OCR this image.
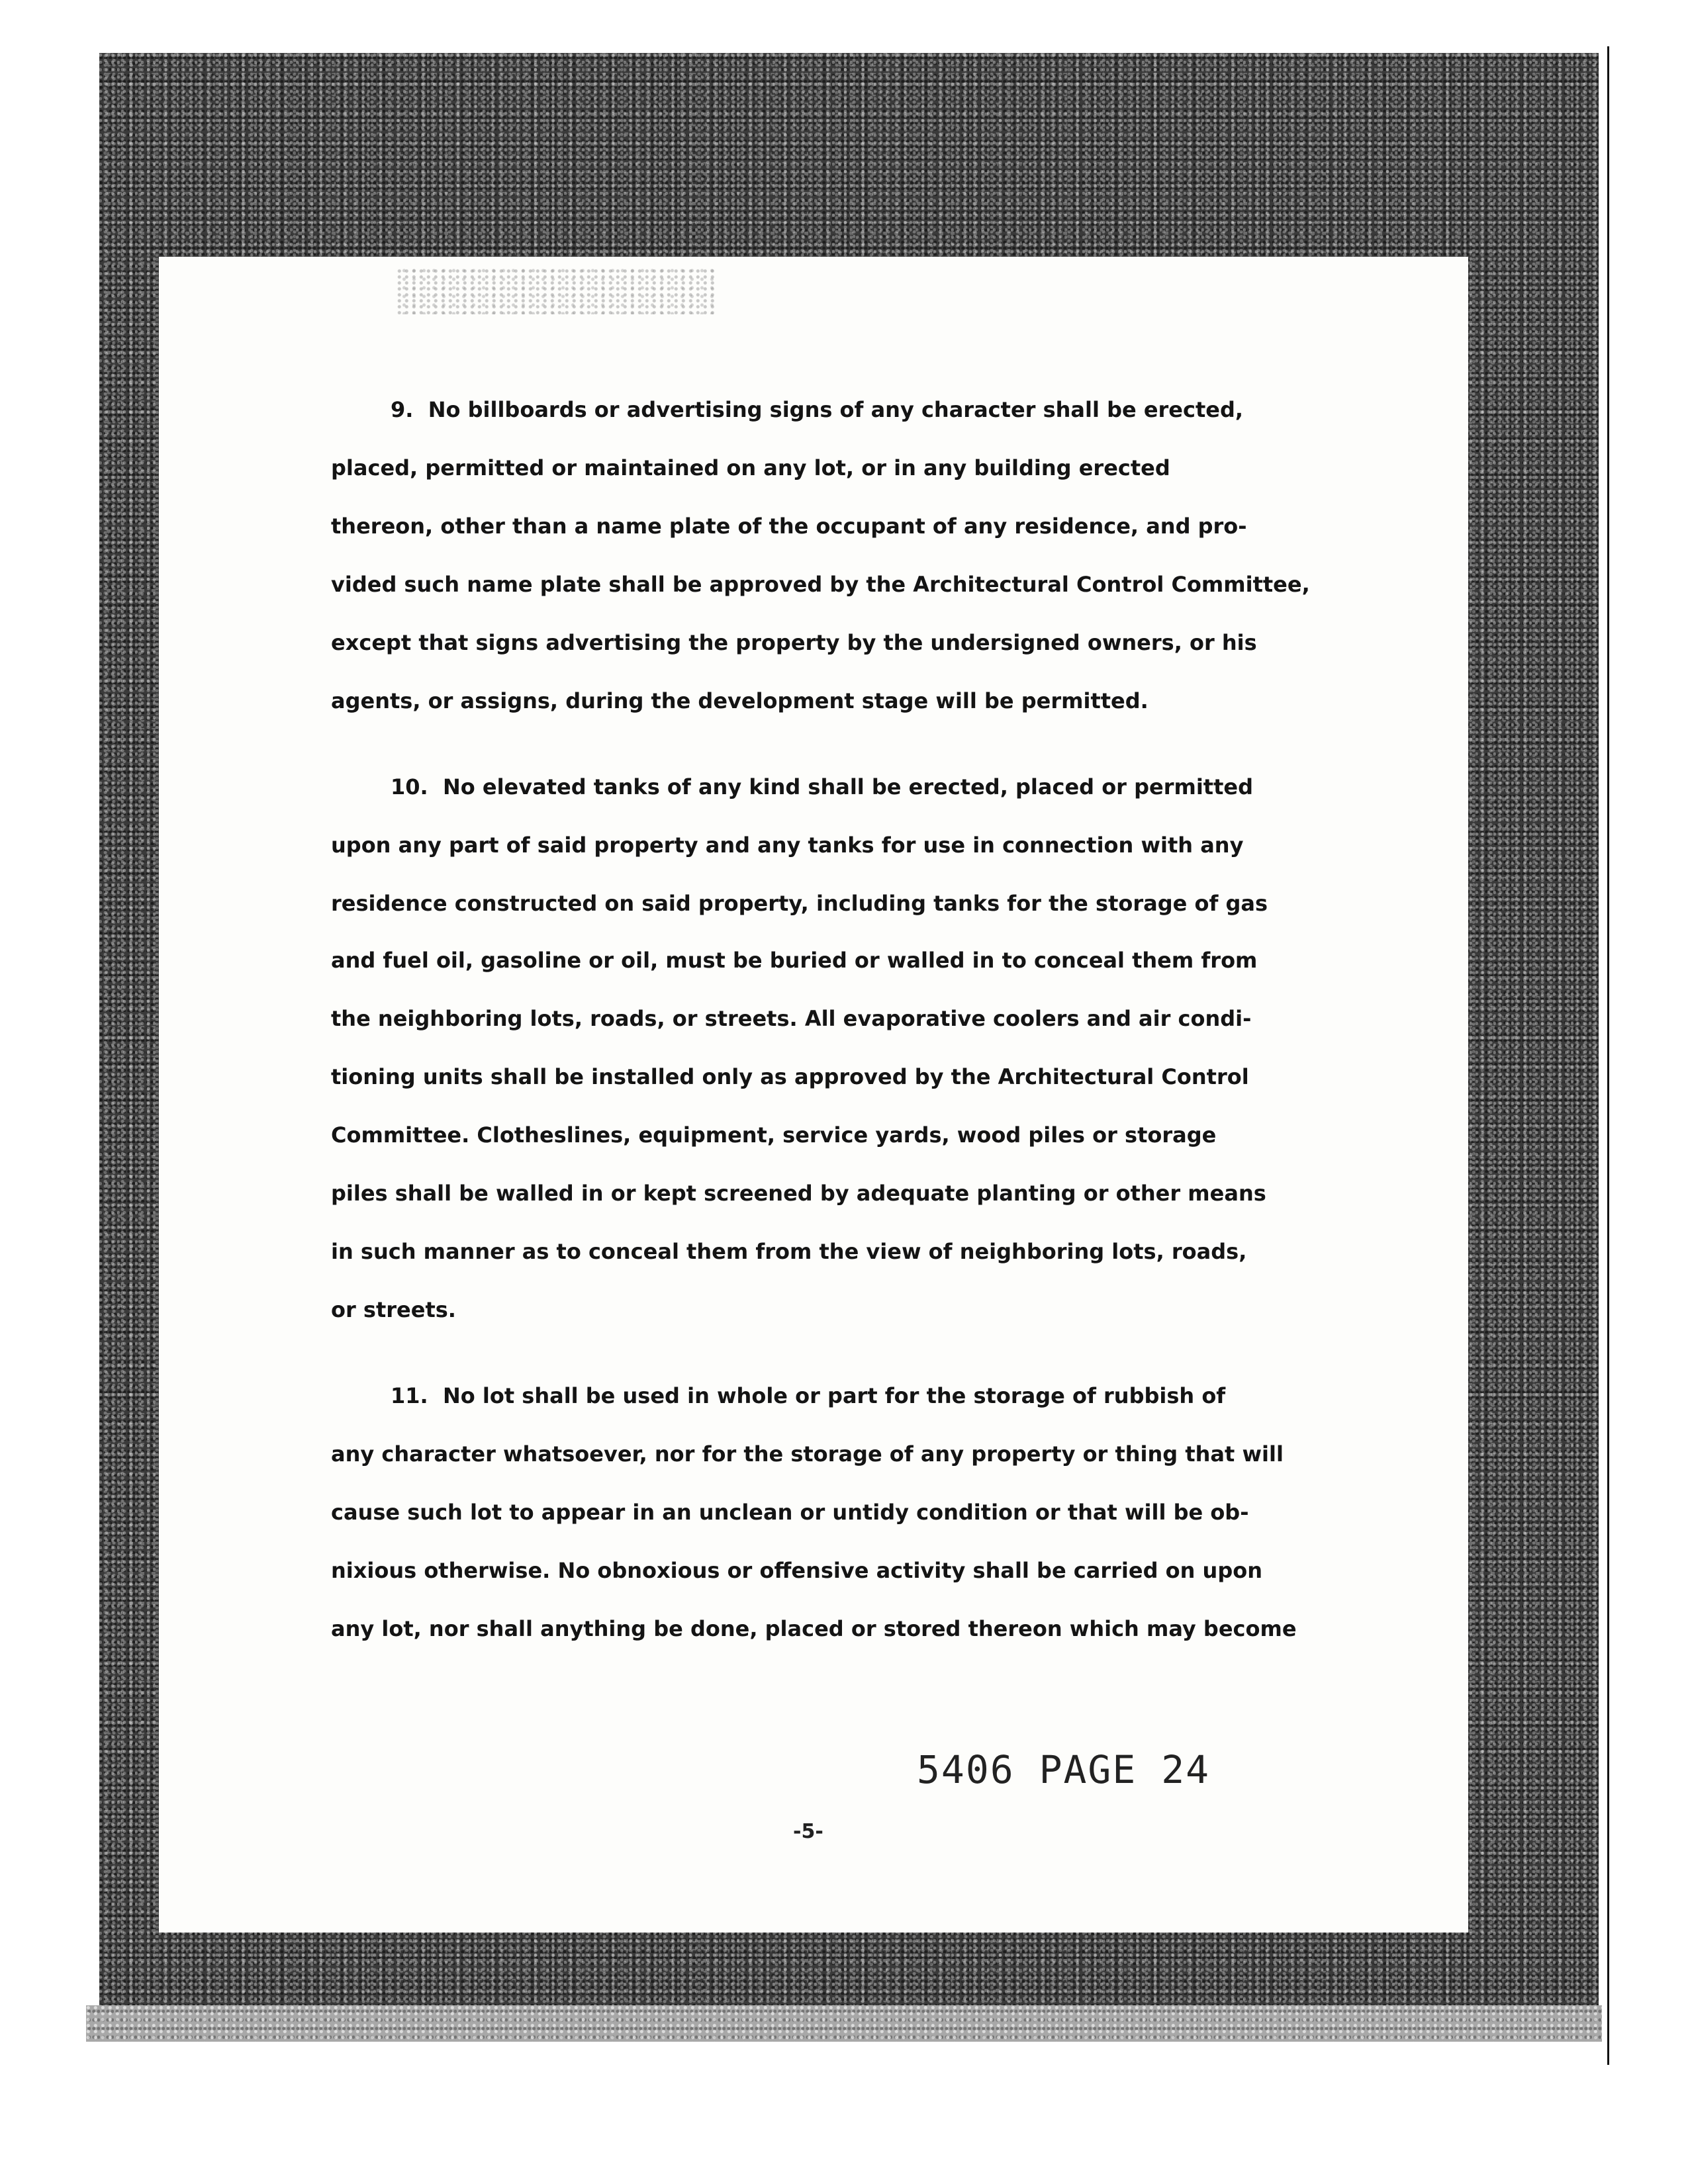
9. No billboards or advertising signs of any character shall be erected,
placed, permitted or maintained on any lot, or in any building erected
thereon, other than a name plate of the occupant of any residence, and pro-
vided such name plate shall be approved by the Architectural Control Committee,
except that signs advertising the property by the undersigned owners, or his
agents, or assigns, during the development stage will be permitted.
10. No elevated tanks of any kind shall be erected, placed or permitted
upon any part of said property and any tanks for use in connection with any
residence constructed on said property, including tanks for the storage of gas
and fuel oil, gasoline or oil, must be buried or walled in to conceal them from
the neighboring lots, roads, or streets. All evaporative coolers and air condi-
tioning units shall be installed only as approved by the Architectural Control
Committee. Clotheslines, equipment, service yards, wood piles or storage
piles shall be walled in or kept screened by adequate planting or other means
in such manner as to conceal them from the view of neighboring lots, roads,
or streets.
11. No lot shall be used in whole or part for the storage of rubbish of
any character whatsoever, nor for the storage of any property or thing that will
cause such lot to appear in an unclean or untidy condition or that will be ob-
nixious otherwise. No obnoxious or offensive activity shall be carried on upon
any lot, nor shall anything be done, placed or stored thereon which may become
5406 PAGE 24
-5-
